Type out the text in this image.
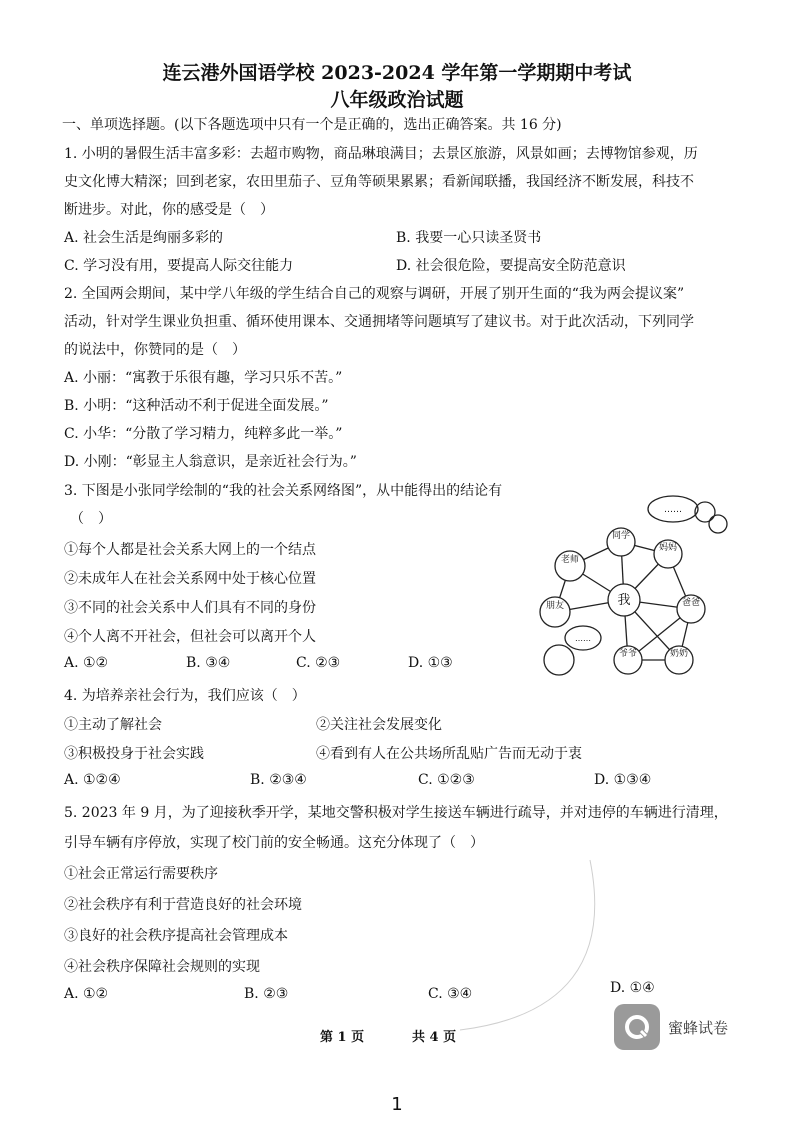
连云港外国语学校 2023-2024 学年第一学期期中考试
八年级政治试题
一、单项选择题。(以下各题选项中只有一个是正确的，选出正确答案。共 16 分)
1. 小明的暑假生活丰富多彩：去超市购物，商品琳琅满目；去景区旅游，风景如画；去博物馆参观，历
史文化博大精深；回到老家，农田里茄子、豆角等硕果累累；看新闻联播，我国经济不断发展，科技不
断进步。对此，你的感受是（　）
A. 社会生活是绚丽多彩的	B. 我要一心只读圣贤书
C. 学习没有用，要提高人际交往能力	D. 社会很危险，要提高安全防范意识
2. 全国两会期间，某中学八年级的学生结合自己的观察与调研，开展了别开生面的“我为两会提议案”
活动，针对学生课业负担重、循环使用课本、交通拥堵等问题填写了建议书。对于此次活动，下列同学
的说法中，你赞同的是（　）
A. 小丽：“寓教于乐很有趣，学习只乐不苦。”
B. 小明：“这种活动不利于促进全面发展。”
C. 小华：“分散了学习精力，纯粹多此一举。”
D. 小刚：“彰显主人翁意识，是亲近社会行为。”
3. 下图是小张同学绘制的“我的社会关系网络图”，从中能得出的结论有
（　）
①每个人都是社会关系大网上的一个结点
②未成年人在社会关系网中处于核心位置
③不同的社会关系中人们具有不同的身份
④个人离不开社会，但社会可以离开个人
A. ①②	B. ③④	C. ②③	D. ①③
我
同学
妈妈
老师
爸爸
朋友
爷爷	奶奶
……
……
4. 为培养亲社会行为，我们应该（　）
①主动了解社会	②关注社会发展变化
③积极投身于社会实践	④看到有人在公共场所乱贴广告而无动于衷
A. ①②④	B. ②③④	C. ①②③	D. ①③④
5. 2023 年 9 月，为了迎接秋季开学，某地交警积极对学生接送车辆进行疏导，并对违停的车辆进行清理，
引导车辆有序停放，实现了校门前的安全畅通。这充分体现了（　）
①社会正常运行需要秩序
②社会秩序有利于营造良好的社会环境
③良好的社会秩序提高社会管理成本
④社会秩序保障社会规则的实现
A. ①②	B. ②③	C. ③④	D. ①④
第 1 页	共 4 页
蜜蜂试卷
1
